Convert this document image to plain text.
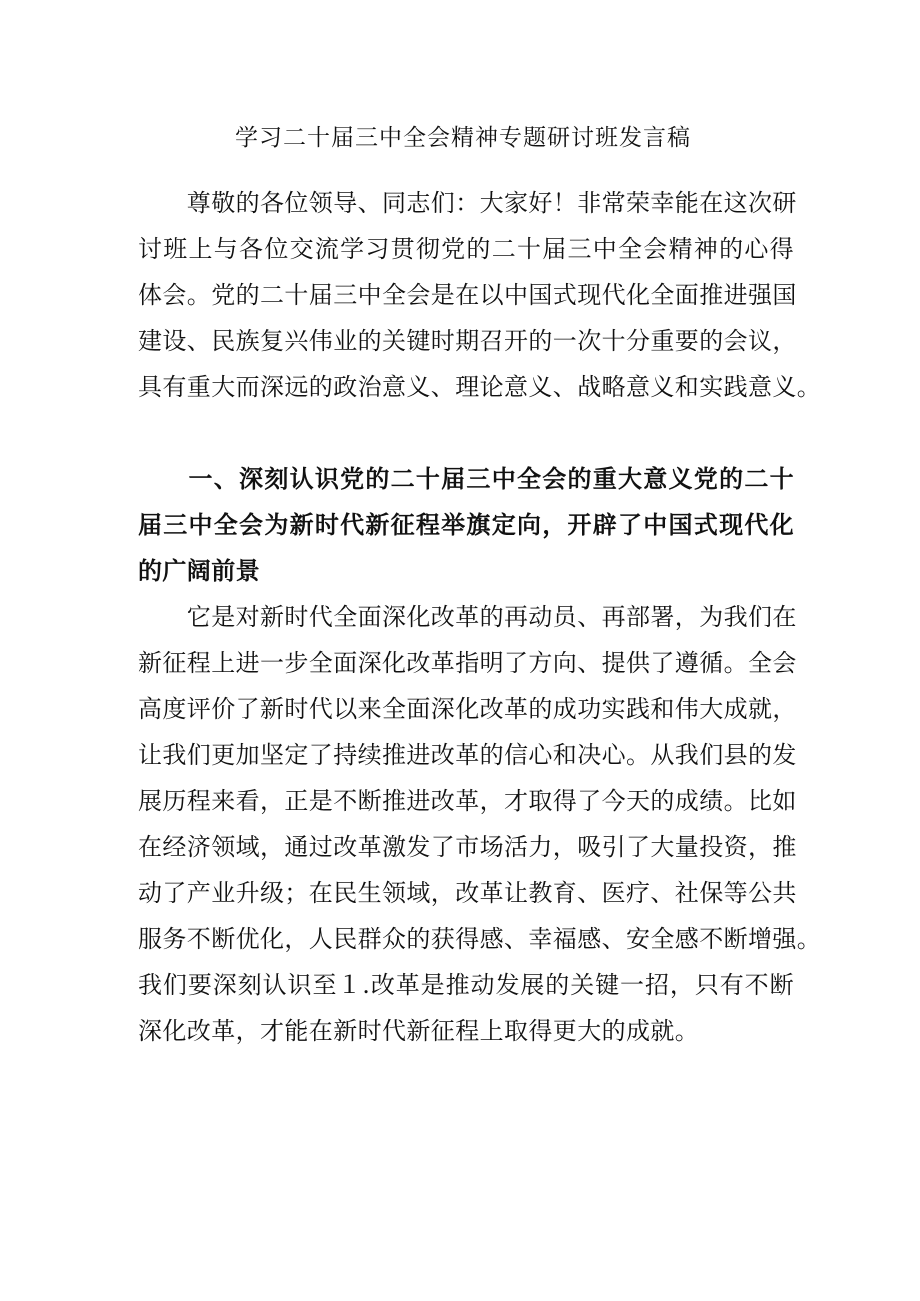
学习二十届三中全会精神专题研讨班发言稿
　　尊敬的各位领导、同志们：大家好！非常荣幸能在这次研
讨班上与各位交流学习贯彻党的二十届三中全会精神的心得
体会。党的二十届三中全会是在以中国式现代化全面推进强国
建设、民族复兴伟业的关键时期召开的一次十分重要的会议，
具有重大而深远的政治意义、理论意义、战略意义和实践意义。
　　一、深刻认识党的二十届三中全会的重大意义党的二十
届三中全会为新时代新征程举旗定向，开辟了中国式现代化
的广阔前景
　　它是对新时代全面深化改革的再动员、再部署，为我们在
新征程上进一步全面深化改革指明了方向、提供了遵循。全会
高度评价了新时代以来全面深化改革的成功实践和伟大成就，
让我们更加坚定了持续推进改革的信心和决心。从我们县的发
展历程来看，正是不断推进改革，才取得了今天的成绩。比如
在经济领域，通过改革激发了市场活力，吸引了大量投资，推
动了产业升级；在民生领域，改革让教育、医疗、社保等公共
服务不断优化，人民群众的获得感、幸福感、安全感不断增强。
我们要深刻认识至１.改革是推动发展的关键一招，只有不断
深化改革，才能在新时代新征程上取得更大的成就。
